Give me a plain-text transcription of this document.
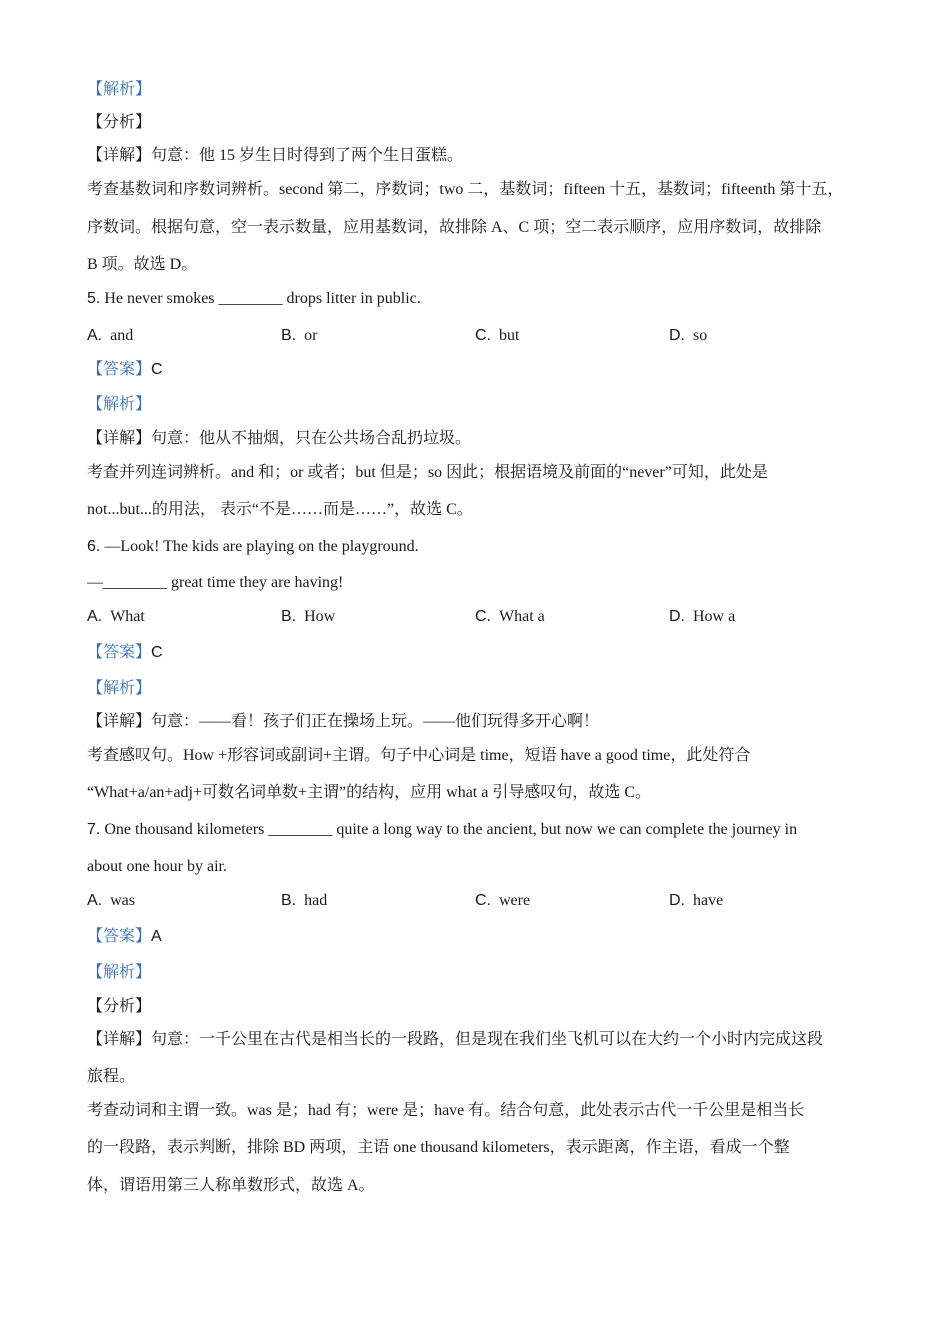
【解析】
【分析】
【详解】句意：他 15 岁生日时得到了两个生日蛋糕。
考查基数词和序数词辨析。second 第二，序数词；two 二，基数词；fifteen 十五，基数词；fifteenth 第十五，
序数词。根据句意，空一表示数量，应用基数词，故排除 A、C 项；空二表示顺序，应用序数词，故排除
B 项。故选 D。
5. He never smokes ________ drops litter in public.
A. and	B. or	C. but	D. so
【答案】C
【解析】
【详解】句意：他从不抽烟，只在公共场合乱扔垃圾。
考查并列连词辨析。and 和；or 或者；but 但是；so 因此；根据语境及前面的“never”可知，此处是
not...but...的用法， 表示“不是……而是……”，故选 C。
6. —Look! The kids are playing on the playground.
—________ great time they are having!
A. What	B. How	C. What a	D. How a
【答案】C
【解析】
【详解】句意：——看！孩子们正在操场上玩。——他们玩得多开心啊！
考查感叹句。How +形容词或副词+主谓。句子中心词是 time，短语 have a good time，此处符合
“What+a/an+adj+可数名词单数+主谓”的结构，应用 what a 引导感叹句，故选 C。
7. One thousand kilometers ________ quite a long way to the ancient, but now we can complete the journey in
about one hour by air.
A. was	B. had	C. were	D. have
【答案】A
【解析】
【分析】
【详解】句意：一千公里在古代是相当长的一段路，但是现在我们坐飞机可以在大约一个小时内完成这段
旅程。
考查动词和主谓一致。was 是；had 有；were 是；have 有。结合句意，此处表示古代一千公里是相当长
的一段路，表示判断，排除 BD 两项，主语 one thousand kilometers，表示距离，作主语，看成一个整
体，谓语用第三人称单数形式，故选 A。
